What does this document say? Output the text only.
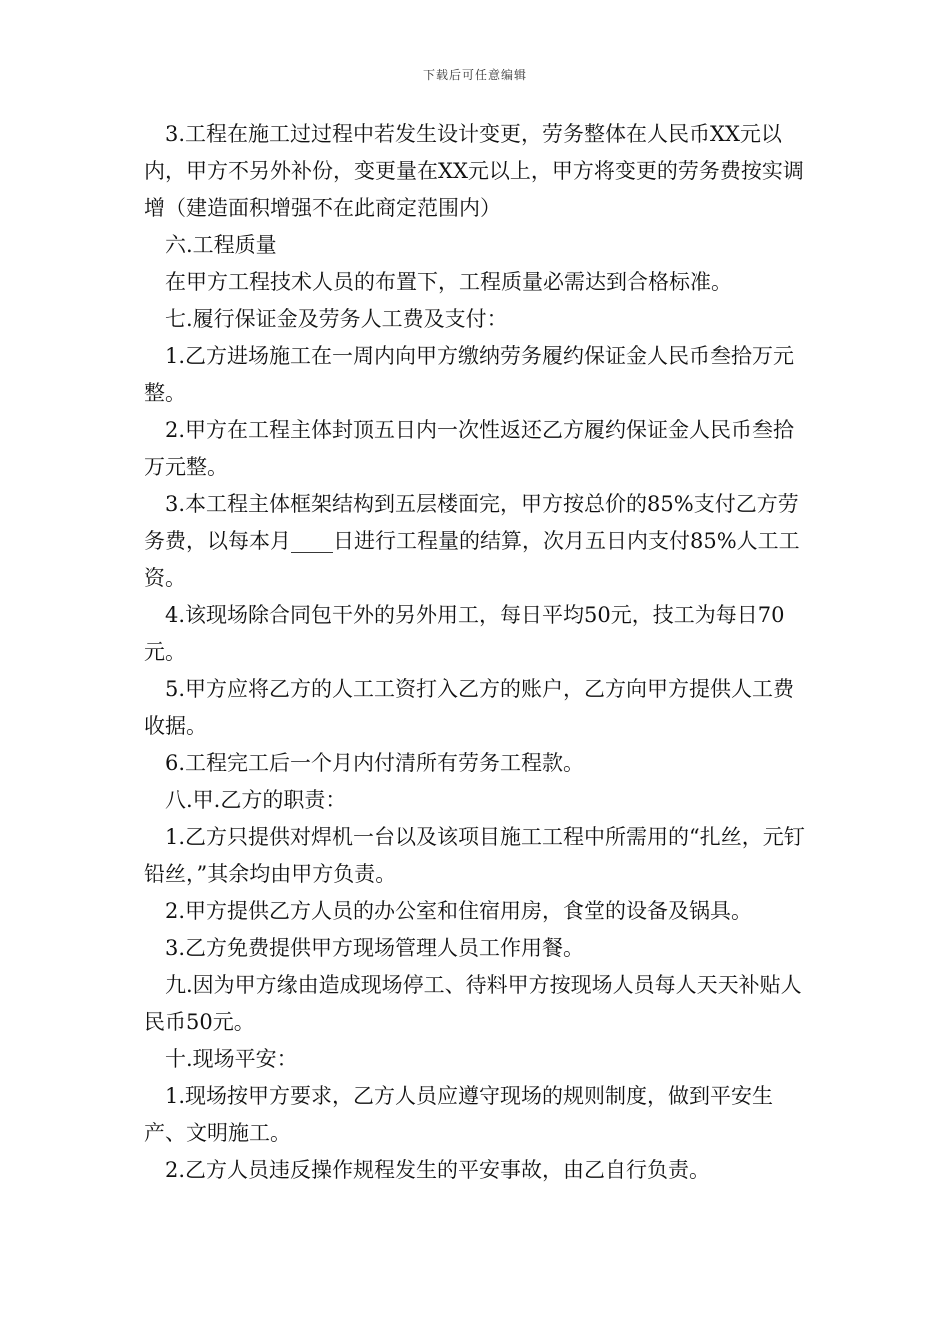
下载后可任意编辑

3.工程在施工过过程中若发生设计变更，劳务整体在人民币XX元以内，甲方不另外补份，变更量在XX元以上，甲方将变更的劳务费按实调增（建造面积增强不在此商定范围内）

六.工程质量

在甲方工程技术人员的布置下，工程质量必需达到合格标准。

七.履行保证金及劳务人工费及支付：

1.乙方进场施工在一周内向甲方缴纳劳务履约保证金人民币叁拾万元整。

2.甲方在工程主体封顶五日内一次性返还乙方履约保证金人民币叁拾万元整。

3.本工程主体框架结构到五层楼面完，甲方按总价的85%支付乙方劳务费，以每本月____日进行工程量的结算，次月五日内支付85%人工工资。

4.该现场除合同包干外的另外用工，每日平均50元，技工为每日70元。

5.甲方应将乙方的人工工资打入乙方的账户，乙方向甲方提供人工费收据。

6.工程完工后一个月内付清所有劳务工程款。

八.甲.乙方的职责：

1.乙方只提供对焊机一台以及该项目施工工程中所需用的“扎丝，元钉铅丝，”其余均由甲方负责。

2.甲方提供乙方人员的办公室和住宿用房，食堂的设备及锅具。

3.乙方免费提供甲方现场管理人员工作用餐。

九.因为甲方缘由造成现场停工、待料甲方按现场人员每人天天补贴人民币50元。

十.现场平安：

1.现场按甲方要求，乙方人员应遵守现场的规则制度，做到平安生产、文明施工。

2.乙方人员违反操作规程发生的平安事故，由乙自行负责。
